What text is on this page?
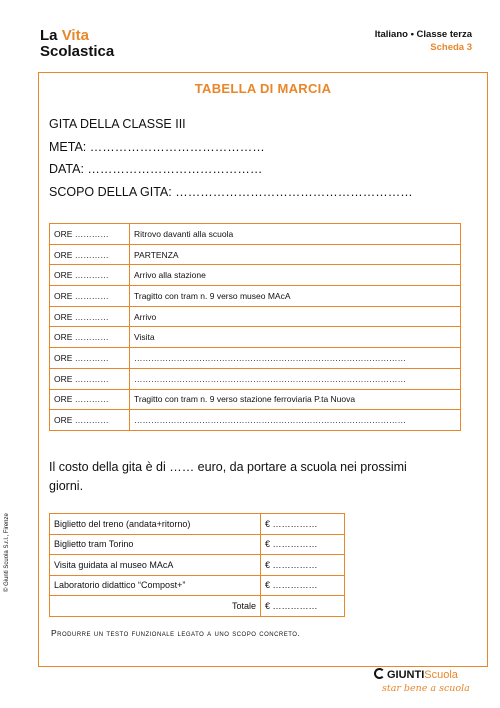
La Vita
Scolastica
Italiano • Classe terza
Scheda 3
TABELLA DI MARCIA
GITA DELLA CLASSE III
META: ……………………………………
DATA: ……………………………………
SCOPO DELLA GITA: …………………………………………………
ORE …………	Ritrovo davanti alla scuola
ORE …………	PARTENZA
ORE …………	Arrivo alla stazione
ORE …………	Tragitto con tram n. 9 verso museo MAcA
ORE …………	Arrivo
ORE …………	Visita
ORE …………	……………………………………………………………………………………
ORE …………	……………………………………………………………………………………
ORE …………	Tragitto con tram n. 9 verso stazione ferroviaria P.ta Nuova
ORE …………	……………………………………………………………………………………
Il costo della gita è di …… euro, da portare a scuola nei prossimi giorni.
Biglietto del treno (andata+ritorno)	€ ……………
Biglietto tram Torino	€ ……………
Visita guidata al museo MAcA	€ ……………
Laboratorio didattico “Compost+”	€ ……………
Totale	€ ……………
Produrre un testo funzionale legato a uno scopo concreto.
© Giunti Scuola S.r.l., Firenze
GIUNTIScuola
star bene a scuola
